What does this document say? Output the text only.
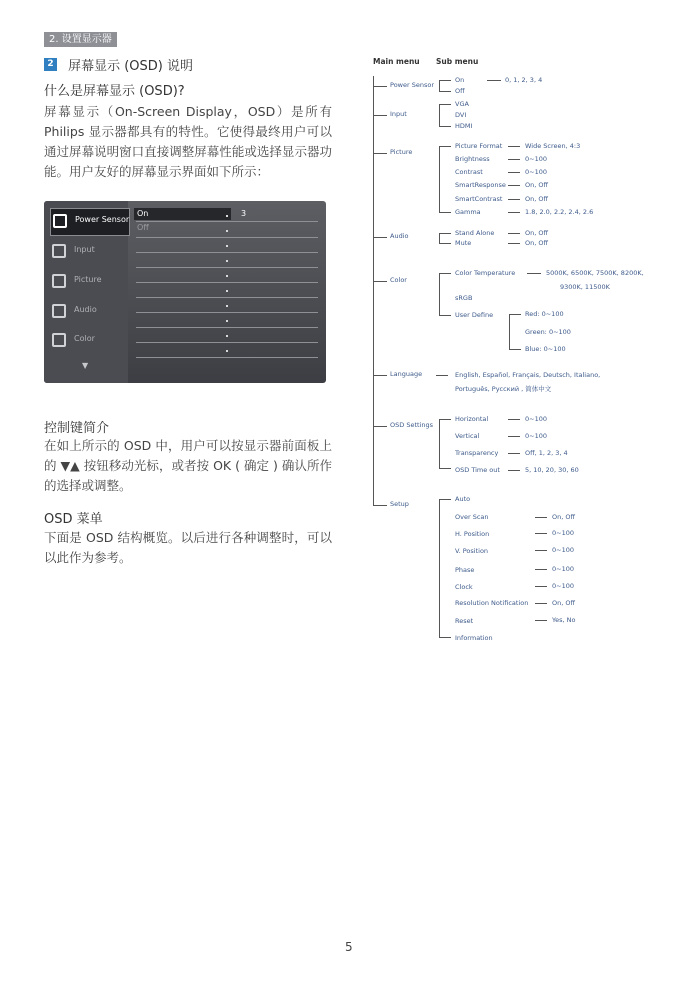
2. 设置显示器
2 屏幕显示 (OSD) 说明
什么是屏幕显示 (OSD)?
屏幕显示（On-Screen Display，OSD）是所有 Philips 显示器都具有的特性。它使得最终用户可以通过屏幕说明窗口直接调整屏幕性能或选择显示器功能。用户友好的屏幕显示界面如下所示：
Power Sensor
Input
Picture
Audio
Color
▼
On
Off
3
控制键简介
在如上所示的 OSD 中，用户可以按显示器前面板上的 ▼▲ 按钮移动光标，或者按 OK ( 确定 ) 确认所作的选择或调整。
OSD 菜单
下面是 OSD 结构概览。以后进行各种调整时，可以以此作为参考。
Main menu Sub menu
Power Sensor
On
Off
0, 1, 2, 3, 4
Input
VGA
DVI
HDMI
Picture
Picture Format
Brightness
Contrast
SmartResponse
SmartContrast
Gamma
Wide Screen, 4:3
0~100
0~100
On, Off
On, Off
1.8, 2.0, 2.2, 2.4, 2.6
Audio	Stand Alone
Mute
On, Off
On, Off
Color
Color Temperature
sRGB
User Define
5000K, 6500K, 7500K, 8200K,
9300K, 11500K
Red: 0~100
Green: 0~100
Blue: 0~100
Language	English, Español, Français, Deutsch, Italiano,
Português, Русский , 简体中文
OSD Settings
Horizontal
Vertical
Transparency
OSD Time out
0~100
0~100
Off, 1, 2, 3, 4
5, 10, 20, 30, 60
Setup
Auto
Over Scan
H. Position
V. Position
Phase
Clock
Resolution Notification
Reset
Information
On, Off
0~100
0~100
0~100
0~100
On, Off
Yes, No
5
